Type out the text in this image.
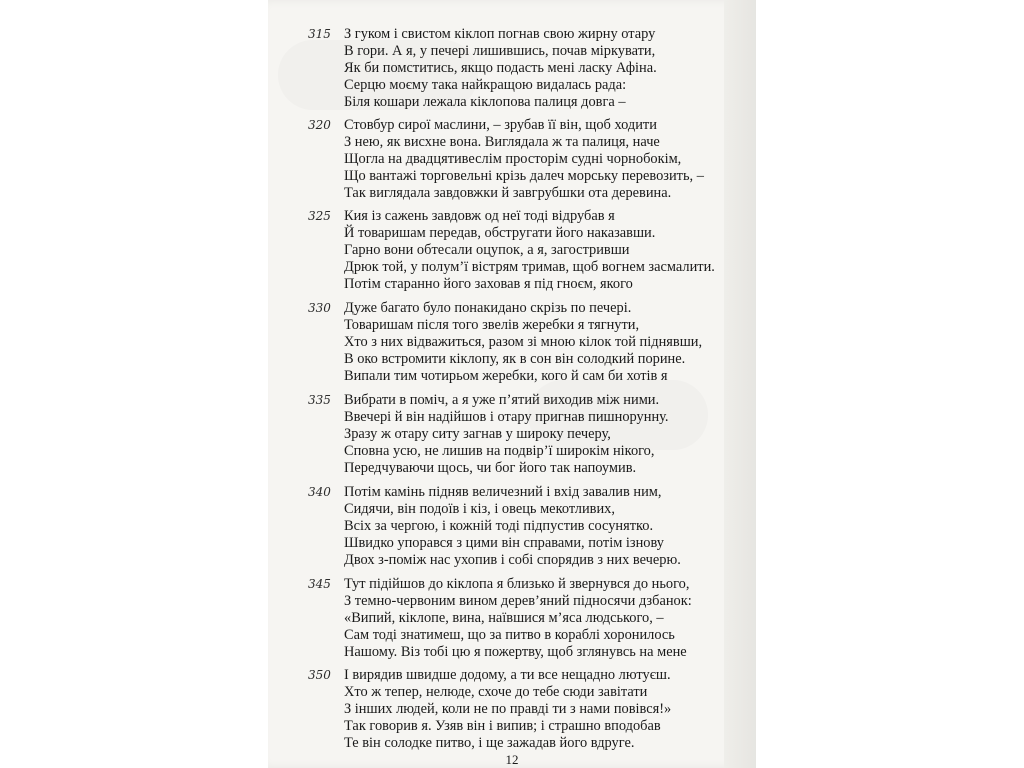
315 З гуком і свистом кіклоп погнав свою жирну отару
В гори. А я, у печері лишившись, почав міркувати,
Як би помститись, якщо подасть мені ласку Афіна.
Серцю моєму така найкращою видалась рада:
Біля кошари лежала кіклопова палиця довга –
320 Стовбур сирої маслини, – зрубав її він, щоб ходити
З нею, як висхне вона. Виглядала ж та палиця, наче
Щогла на двадцятивеслім просторім судні чорнобокім,
Що вантажі торговельні крізь далеч морську перевозить, –
Так виглядала завдовжки й завгрубшки ота деревина.
325 Кия із сажень завдовж од неї тоді відрубав я
Й товаришам передав, обстругати його наказавши.
Гарно вони обтесали оцупок, а я, загостривши
Дрюк той, у полум’ї вістрям тримав, щоб вогнем засмалити.
Потім старанно його заховав я під гноєм, якого
330 Дуже багато було понакидано скрізь по печері.
Товаришам після того звелів жеребки я тягнути,
Хто з них відважиться, разом зі мною кілок той піднявши,
В око встромити кіклопу, як в сон він солодкий порине.
Випали тим чотирьом жеребки, кого й сам би хотів я
335 Вибрати в поміч, а я уже п’ятий виходив між ними.
Ввечері й він надійшов і отару пригнав пишнорунну.
Зразу ж отару ситу загнав у широку печеру,
Сповна усю, не лишив на подвір’ї широкім нікого,
Передчуваючи щось, чи бог його так напоумив.
340 Потім камінь підняв величезний і вхід завалив ним,
Сидячи, він подоїв і кіз, і овець мекотливих,
Всіх за чергою, і кожній тоді підпустив сосунятко.
Швидко упорався з цими він справами, потім ізнову
Двох з-поміж нас ухопив і собі спорядив з них вечерю.
345 Тут підійшов до кіклопа я близько й звернувся до нього,
З темно-червоним вином дерев’яний підносячи дзбанок:
«Випий, кіклопе, вина, наївшися м’яса людського, –
Сам тоді знатимеш, що за питво в кораблі хоронилось
Нашому. Віз тобі цю я пожертву, щоб зглянувсь на мене
350 І вирядив швидше додому, а ти все нещадно лютуєш.
Хто ж тепер, нелюде, схоче до тебе сюди завітати
З інших людей, коли не по правді ти з нами повівся!»
Так говорив я. Узяв він і випив; і страшно вподобав
Те він солодке питво, і ще зажадав його вдруге.
12
